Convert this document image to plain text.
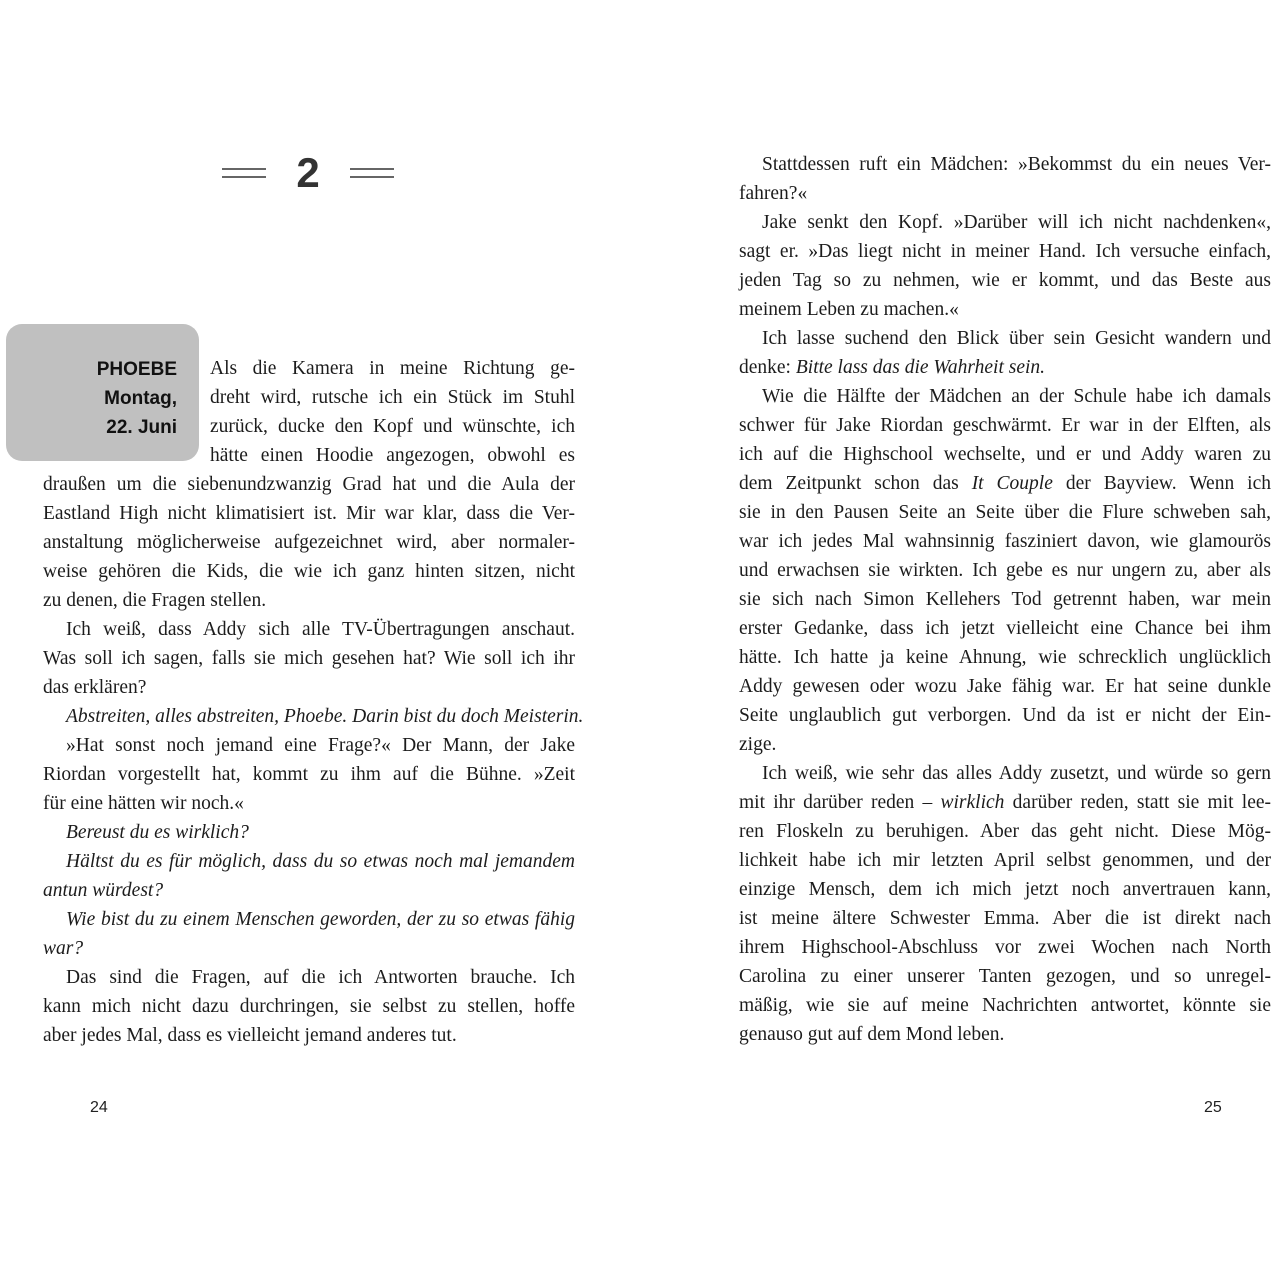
2
PHOEBE
Montag,
22. Juni
Als die Kamera in meine Richtung ge-
dreht wird, rutsche ich ein Stück im Stuhl
zurück, ducke den Kopf und wünschte, ich
hätte einen Hoodie angezogen, obwohl es
draußen um die siebenundzwanzig Grad hat und die Aula der
Eastland High nicht klimatisiert ist. Mir war klar, dass die Ver-
anstaltung möglicherweise aufgezeichnet wird, aber normaler-
weise gehören die Kids, die wie ich ganz hinten sitzen, nicht
zu denen, die Fragen stellen.
Ich weiß, dass Addy sich alle TV-Übertragungen anschaut.
Was soll ich sagen, falls sie mich gesehen hat? Wie soll ich ihr
das erklären?
Abstreiten, alles abstreiten, Phoebe. Darin bist du doch Meisterin.
»Hat sonst noch jemand eine Frage?« Der Mann, der Jake
Riordan vorgestellt hat, kommt zu ihm auf die Bühne. »Zeit
für eine hätten wir noch.«
Bereust du es wirklich?
Hältst du es für möglich, dass du so etwas noch mal jemandem
antun würdest?
Wie bist du zu einem Menschen geworden, der zu so etwas fähig
war?
Das sind die Fragen, auf die ich Antworten brauche. Ich
kann mich nicht dazu durchringen, sie selbst zu stellen, hoffe
aber jedes Mal, dass es vielleicht jemand anderes tut.
Stattdessen ruft ein Mädchen: »Bekommst du ein neues Ver-
fahren?«
Jake senkt den Kopf. »Darüber will ich nicht nachdenken«,
sagt er. »Das liegt nicht in meiner Hand. Ich versuche einfach,
jeden Tag so zu nehmen, wie er kommt, und das Beste aus
meinem Leben zu machen.«
Ich lasse suchend den Blick über sein Gesicht wandern und
denke: Bitte lass das die Wahrheit sein.
Wie die Hälfte der Mädchen an der Schule habe ich damals
schwer für Jake Riordan geschwärmt. Er war in der Elften, als
ich auf die Highschool wechselte, und er und Addy waren zu
dem Zeitpunkt schon das It Couple der Bayview. Wenn ich
sie in den Pausen Seite an Seite über die Flure schweben sah,
war ich jedes Mal wahnsinnig fasziniert davon, wie glamourös
und erwachsen sie wirkten. Ich gebe es nur ungern zu, aber als
sie sich nach Simon Kellehers Tod getrennt haben, war mein
erster Gedanke, dass ich jetzt vielleicht eine Chance bei ihm
hätte. Ich hatte ja keine Ahnung, wie schrecklich unglücklich
Addy gewesen oder wozu Jake fähig war. Er hat seine dunkle
Seite unglaublich gut verborgen. Und da ist er nicht der Ein-
zige.
Ich weiß, wie sehr das alles Addy zusetzt, und würde so gern
mit ihr darüber reden – wirklich darüber reden, statt sie mit lee-
ren Floskeln zu beruhigen. Aber das geht nicht. Diese Mög-
lichkeit habe ich mir letzten April selbst genommen, und der
einzige Mensch, dem ich mich jetzt noch anvertrauen kann,
ist meine ältere Schwester Emma. Aber die ist direkt nach
ihrem Highschool-Abschluss vor zwei Wochen nach North
Carolina zu einer unserer Tanten gezogen, und so unregel-
mäßig, wie sie auf meine Nachrichten antwortet, könnte sie
genauso gut auf dem Mond leben.
24	25
